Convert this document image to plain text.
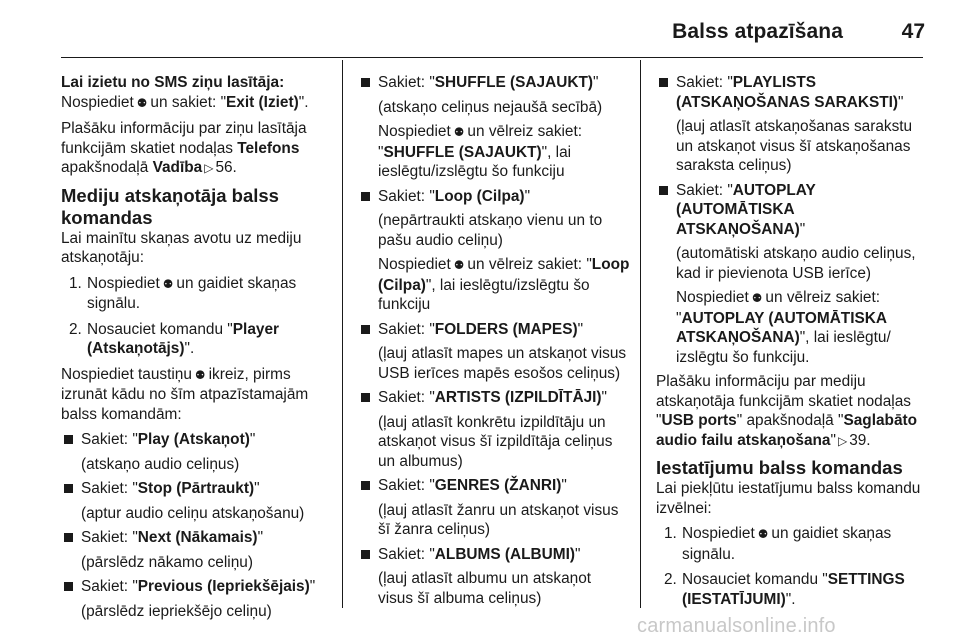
Balss atpazīšana	47

Lai izietu no SMS ziņu lasītāja:

Nospiediet ⚉ un sakiet: "Exit (Iziet)".

Plašāku informāciju par ziņu lasītāja funkcijām skatiet nodaļas Telefons apakšnodaļā Vadība ▷ 56.

Mediju atskaņotāja balss komandas

Lai mainītu skaņas avotu uz mediju atskaņotāju:

1. Nospiediet ⚉ un gaidiet skaņas signālu.
2. Nosauciet komandu "Player (Atskaņotājs)".

Nospiediet taustiņu ⚉ ikreiz, pirms izrunāt kādu no šīm atpazīstamajām balss komandām:

Sakiet: "Play (Atskaņot)"

(atskaņo audio celiņus)

Sakiet: "Stop (Pārtraukt)"

(aptur audio celiņu atskaņošanu)

Sakiet: "Next (Nākamais)"

(pārslēdz nākamo celiņu)

Sakiet: "Previous (Iepriekšējais)"

(pārslēdz iepriekšējo celiņu)

Sakiet: "SHUFFLE (SAJAUKT)"

(atskaņo celiņus nejaušā secībā)

Nospiediet ⚉ un vēlreiz sakiet: "SHUFFLE (SAJAUKT)", lai ieslēgtu/izslēgtu šo funkciju

Sakiet: "Loop (Cilpa)"

(nepārtraukti atskaņo vienu un to pašu audio celiņu)

Nospiediet ⚉ un vēlreiz sakiet: "Loop (Cilpa)", lai ieslēgtu/izslēgtu šo funkciju

Sakiet: "FOLDERS (MAPES)"

(ļauj atlasīt mapes un atskaņot visus USB ierīces mapēs esošos celiņus)

Sakiet: "ARTISTS (IZPILDĪTĀJI)"

(ļauj atlasīt konkrētu izpildītāju un atskaņot visus šī izpildītāja celiņus un albumus)

Sakiet: "GENRES (ŽANRI)"

(ļauj atlasīt žanru un atskaņot visus šī žanra celiņus)

Sakiet: "ALBUMS (ALBUMI)"

(ļauj atlasīt albumu un atskaņot visus šī albuma celiņus)

Sakiet: "PLAYLISTS (ATSKAŅOŠANAS SARAKSTI)"

(ļauj atlasīt atskaņošanas sarakstu un atskaņot visus šī atskaņošanas saraksta celiņus)

Sakiet: "AUTOPLAY (AUTOMĀTISKA ATSKAŅOŠANA)"

(automātiski atskaņo audio celiņus, kad ir pievienota USB ierīce)

Nospiediet ⚉ un vēlreiz sakiet: "AUTOPLAY (AUTOMĀTISKA ATSKAŅOŠANA)", lai ieslēgtu/ izslēgtu šo funkciju.

Plašāku informāciju par mediju atskaņotāja funkcijām skatiet nodaļas "USB ports" apakšnodaļā "Saglabāto audio failu atskaņošana" ▷ 39.

Iestatījumu balss komandas

Lai piekļūtu iestatījumu balss komandu izvēlnei:

1. Nospiediet ⚉ un gaidiet skaņas signālu.
2. Nosauciet komandu "SETTINGS (IESTATĪJUMI)".
carmanualsonline.info
